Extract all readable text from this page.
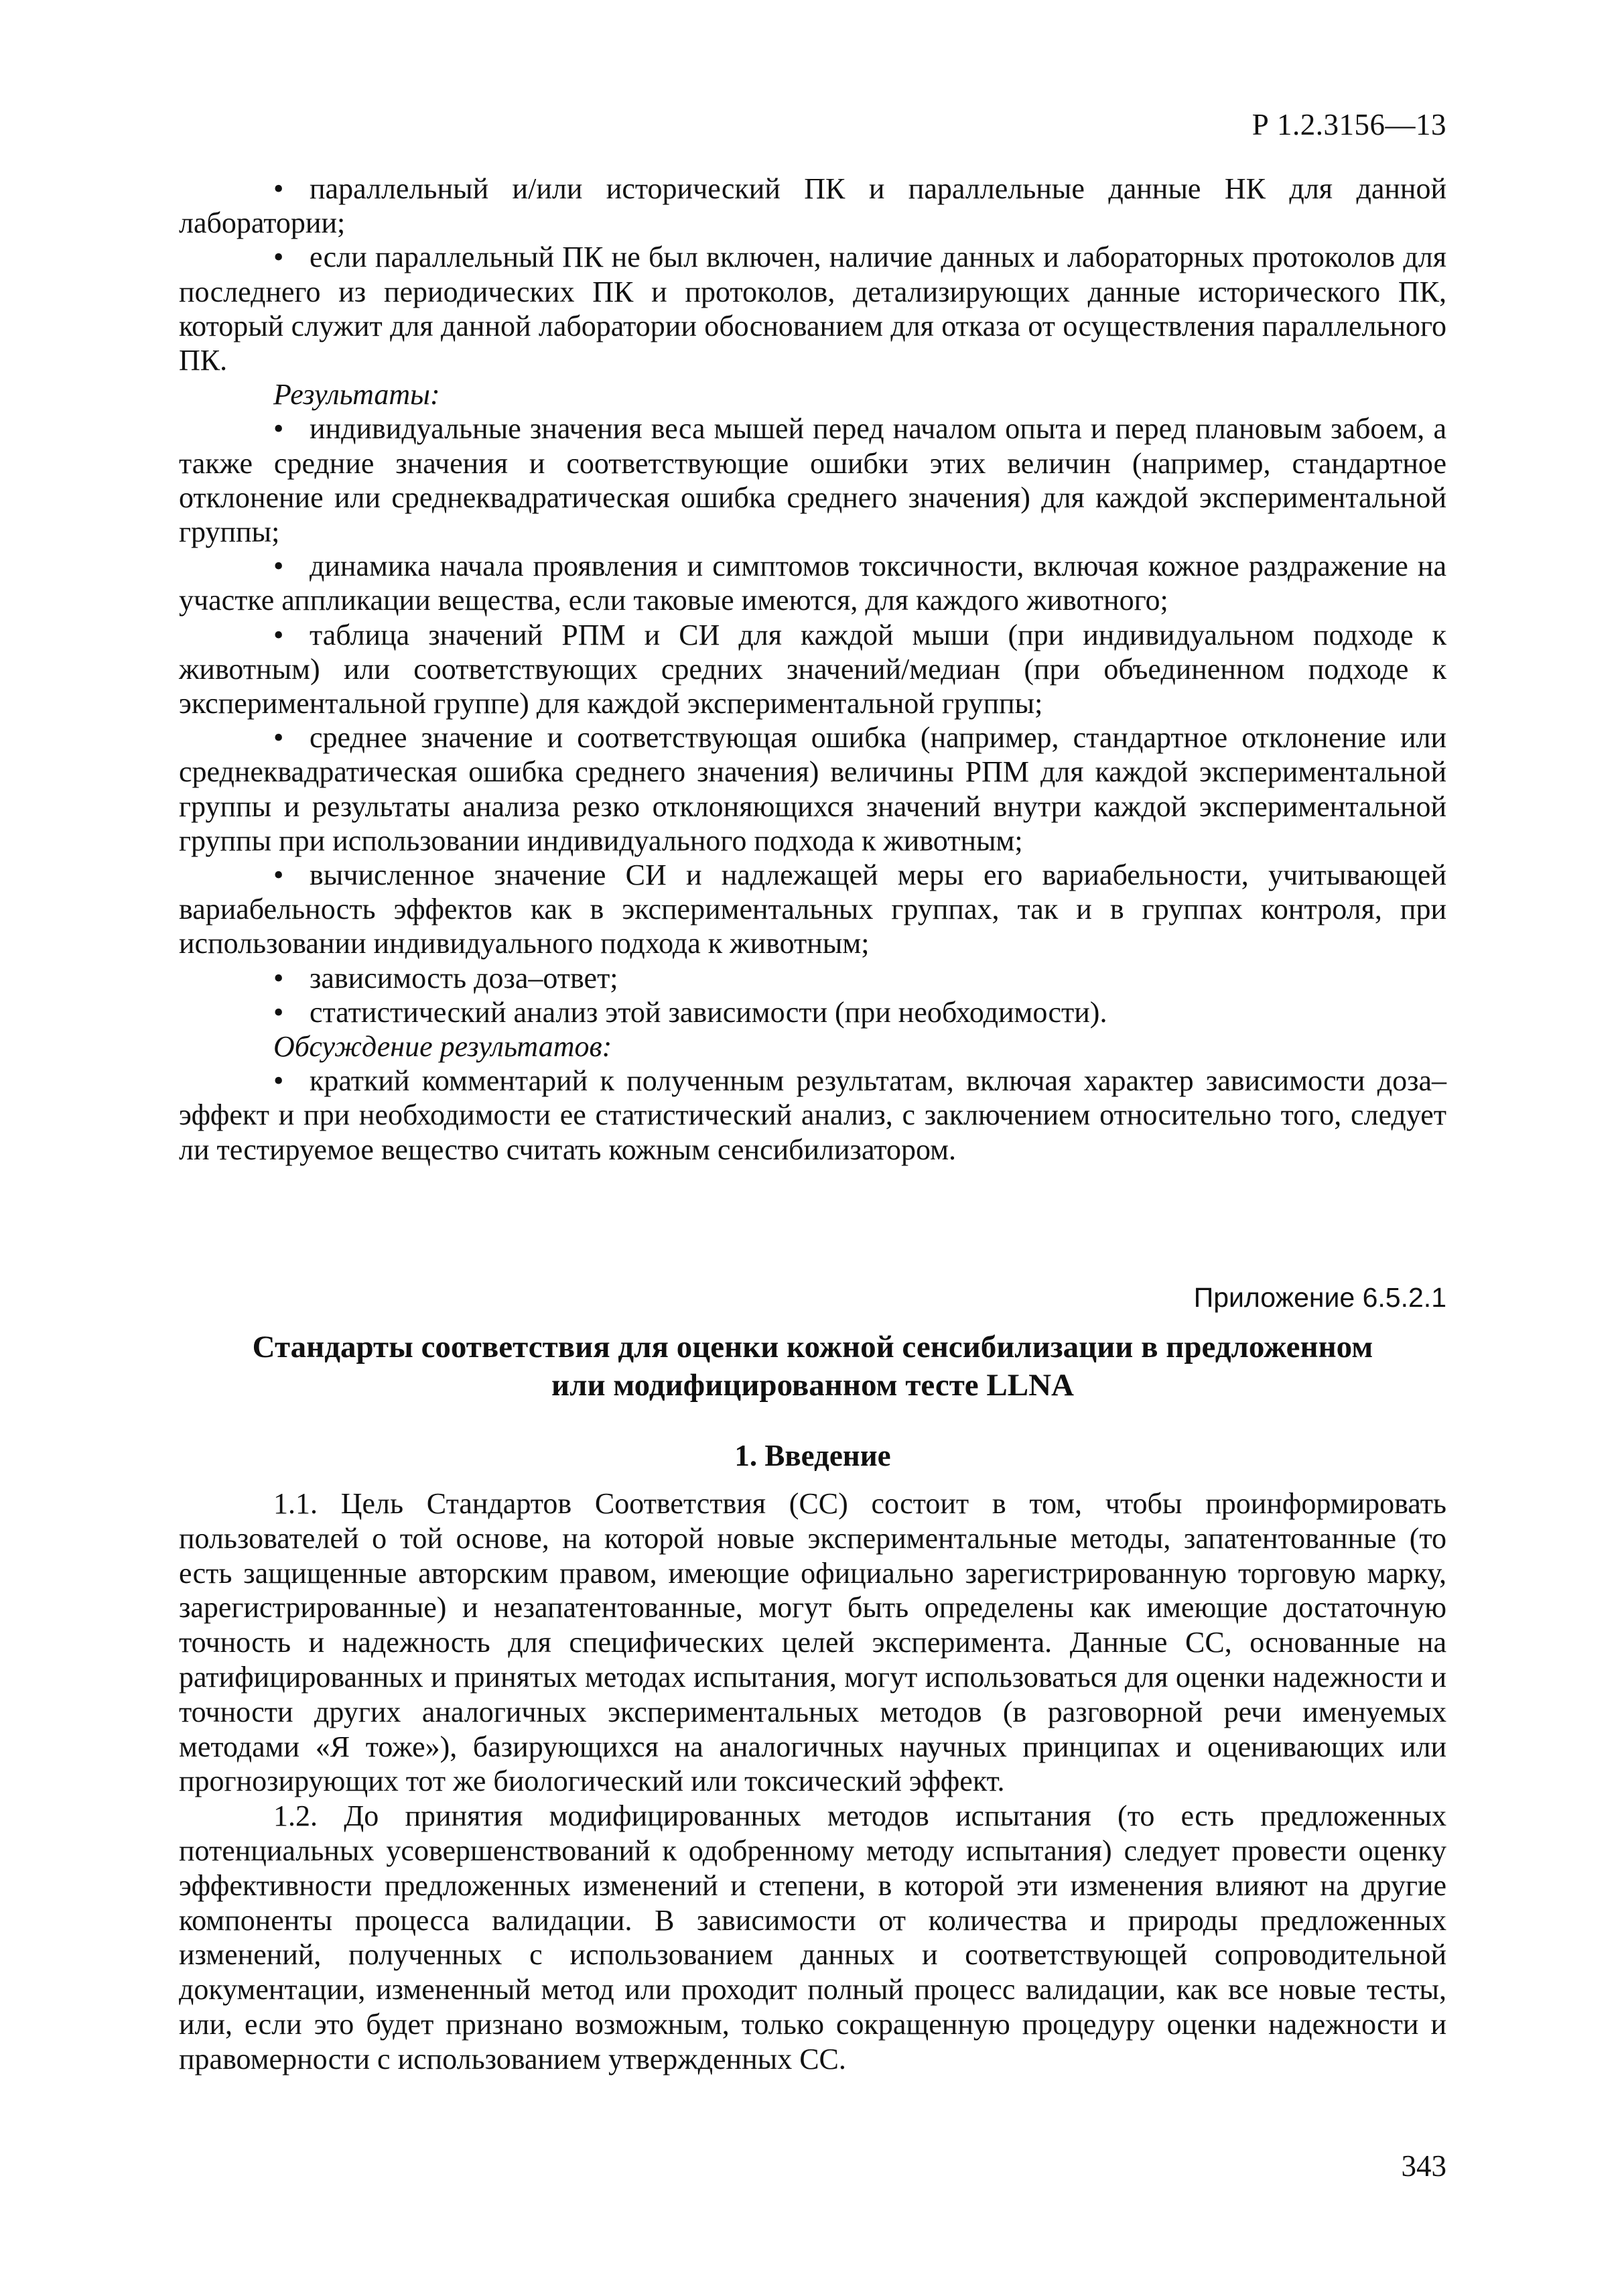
Р 1.2.3156—13

• параллельный и/или исторический ПК и параллельные данные НК для данной лаборатории;

• если параллельный ПК не был включен, наличие данных и лабораторных протоколов для последнего из периодических ПК и протоколов, детализирующих данные исторического ПК, который служит для данной лаборатории обоснованием для отказа от осуществления параллельного ПК.

Результаты:

• индивидуальные значения веса мышей перед началом опыта и перед плановым забоем, а также средние значения и соответствующие ошибки этих величин (например, стандартное отклонение или среднеквадратическая ошибка среднего значения) для каждой экспериментальной группы;

• динамика начала проявления и симптомов токсичности, включая кожное раздражение на участке аппликации вещества, если таковые имеются, для каждого животного;

• таблица значений РПМ и СИ для каждой мыши (при индивидуальном подходе к животным) или соответствующих средних значений/медиан (при объединенном подходе к экспериментальной группе) для каждой экспериментальной группы;

• среднее значение и соответствующая ошибка (например, стандартное отклонение или среднеквадратическая ошибка среднего значения) величины РПМ для каждой экспериментальной группы и результаты анализа резко отклоняющихся значений внутри каждой экспериментальной группы при использовании индивидуального подхода к животным;

• вычисленное значение СИ и надлежащей меры его вариабельности, учитывающей вариабельность эффектов как в экспериментальных группах, так и в группах контроля, при использовании индивидуального подхода к животным;

• зависимость доза–ответ;

• статистический анализ этой зависимости (при необходимости).

Обсуждение результатов:

• краткий комментарий к полученным результатам, включая характер зависимости доза–эффект и при необходимости ее статистический анализ, с заключением относительно того, следует ли тестируемое вещество считать кожным сенсибилизатором.

Приложение 6.5.2.1
Стандарты соответствия для оценки кожной сенсибилизации в предложенном
или модифицированном тесте LLNA
1. Введение

1.1. Цель Стандартов Соответствия (СС) состоит в том, чтобы проинформировать пользователей о той основе, на которой новые экспериментальные методы, запатентованные (то есть защищенные авторским правом, имеющие официально зарегистрированную торговую марку, зарегистрированные) и незапатентованные, могут быть определены как имеющие достаточную точность и надежность для специфических целей эксперимента. Данные СС, основанные на ратифицированных и принятых методах испытания, могут использоваться для оценки надежности и точности других аналогичных экспериментальных методов (в разговорной речи именуемых методами «Я тоже»), базирующихся на аналогичных научных принципах и оценивающих или прогнозирующих тот же биологический или токсический эффект.

1.2. До принятия модифицированных методов испытания (то есть предложенных потенциальных усовершенствований к одобренному методу испытания) следует провести оценку эффективности предложенных изменений и степени, в которой эти изменения влияют на другие компоненты процесса валидации. В зависимости от количества и природы предложенных изменений, полученных с использованием данных и соответствующей сопроводительной документации, измененный метод или проходит полный процесс валидации, как все новые тесты, или, если это будет признано возможным, только сокращенную процедуру оценки надежности и правомерности с использованием утвержденных СС.

343
